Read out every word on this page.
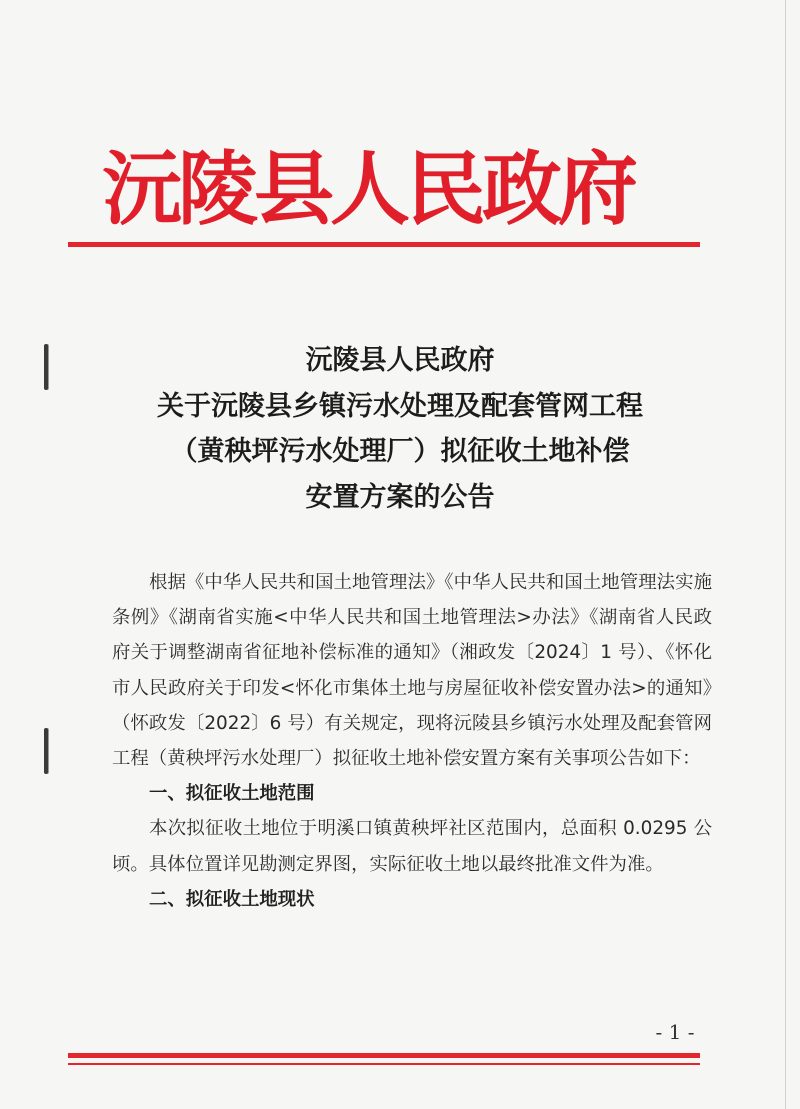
沅陵县人民政府
沅陵县人民政府
关于沅陵县乡镇污水处理及配套管网工程
（黄秧坪污水处理厂）拟征收土地补偿
安置方案的公告

根据《中华人民共和国土地管理法》《中华人民共和国土地管理法实施条例》《湖南省实施<中华人民共和国土地管理法>办法》《湖南省人民政府关于调整湖南省征地补偿标准的通知》（湘政发〔2024〕1 号）、《怀化市人民政府关于印发<怀化市集体土地与房屋征收补偿安置办法>的通知》（怀政发〔2022〕6 号）有关规定，现将沅陵县乡镇污水处理及配套管网工程（黄秧坪污水处理厂）拟征收土地补偿安置方案有关事项公告如下：

一、拟征收土地范围

本次拟征收土地位于明溪口镇黄秧坪社区范围内，总面积 0.0295 公顷。具体位置详见勘测定界图，实际征收土地以最终批准文件为准。

二、拟征收土地现状
- 1 -
